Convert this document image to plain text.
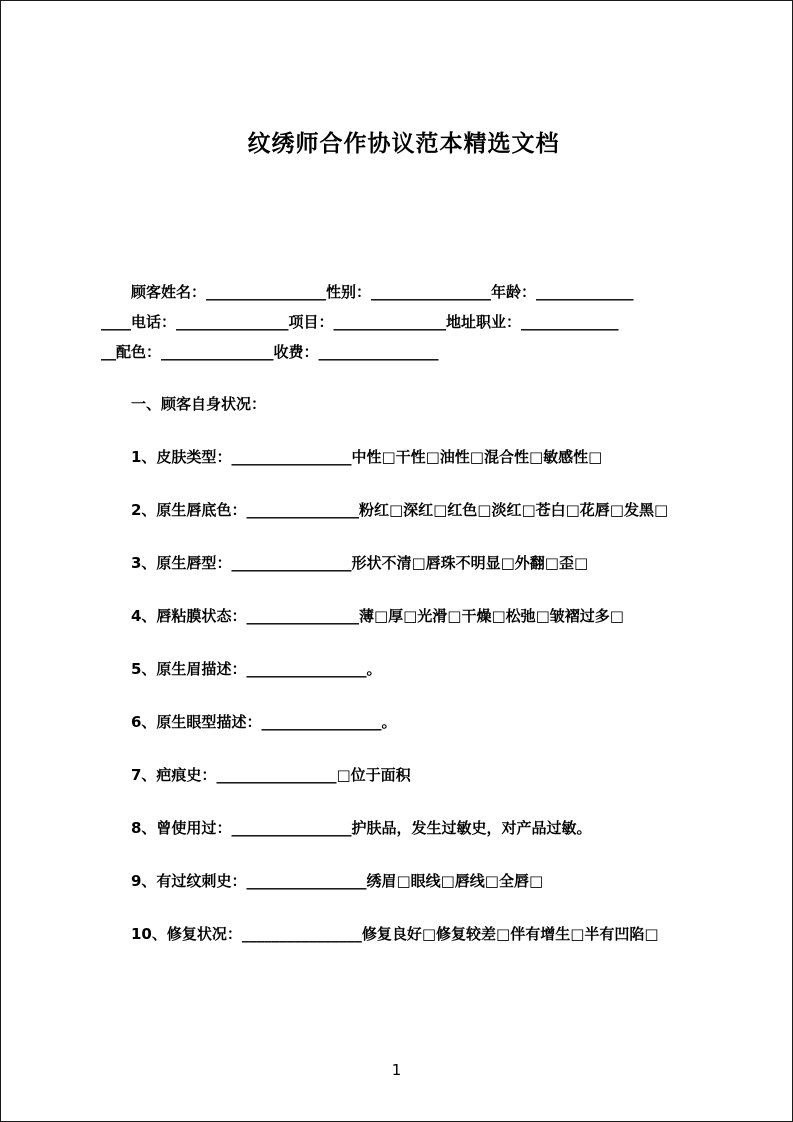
纹绣师合作协议范本精选文档

顾客姓名：________________性别：________________年龄：_____________

____电话：_______________项目：_______________地址职业：_____________

__配色：_______________收费：________________

一、顾客自身状况：

1、皮肤类型：________________中性□干性□油性□混合性□敏感性□

2、原生唇底色：_______________粉红□深红□红色□淡红□苍白□花唇□发黑□

3、原生唇型：________________形状不清□唇珠不明显□外翻□歪□

4、唇粘膜状态：_______________薄□厚□光滑□干燥□松弛□皱褶过多□

5、原生眉描述：________________。

6、原生眼型描述：________________。

7、疤痕史：________________□位于面积

8、曾使用过：________________护肤品，发生过敏史，对产品过敏。

9、有过纹刺史：________________绣眉□眼线□唇线□全唇□

10、修复状况：________________修复良好□修复较差□伴有增生□半有凹陷□

1
